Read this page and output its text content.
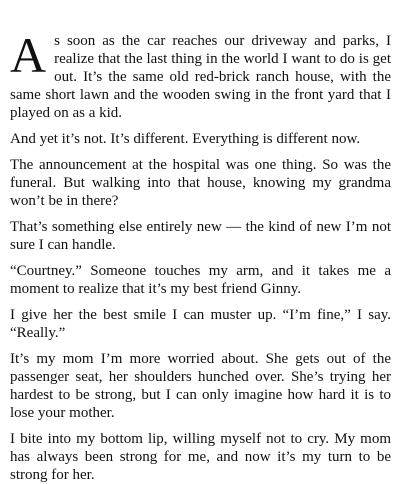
As soon as the car reaches our driveway and parks, I realize that the last thing in the world I want to do is get out. It’s the same old red-brick ranch house, with the same short lawn and the wooden swing in the front yard that I played on as a kid.

And yet it’s not. It’s different. Everything is different now.

The announcement at the hospital was one thing. So was the funeral. But walking into that house, knowing my grandma won’t be in there?

That’s something else entirely new — the kind of new I’m not sure I can handle.

“Courtney.” Someone touches my arm, and it takes me a moment to realize that it’s my best friend Ginny.

I give her the best smile I can muster up. “I’m fine,” I say. “Really.”

It’s my mom I’m more worried about. She gets out of the passenger seat, her shoulders hunched over. She’s trying her hardest to be strong, but I can only imagine how hard it is to lose your mother.

I bite into my bottom lip, willing myself not to cry. My mom has always been strong for me, and now it’s my turn to be strong for her.
